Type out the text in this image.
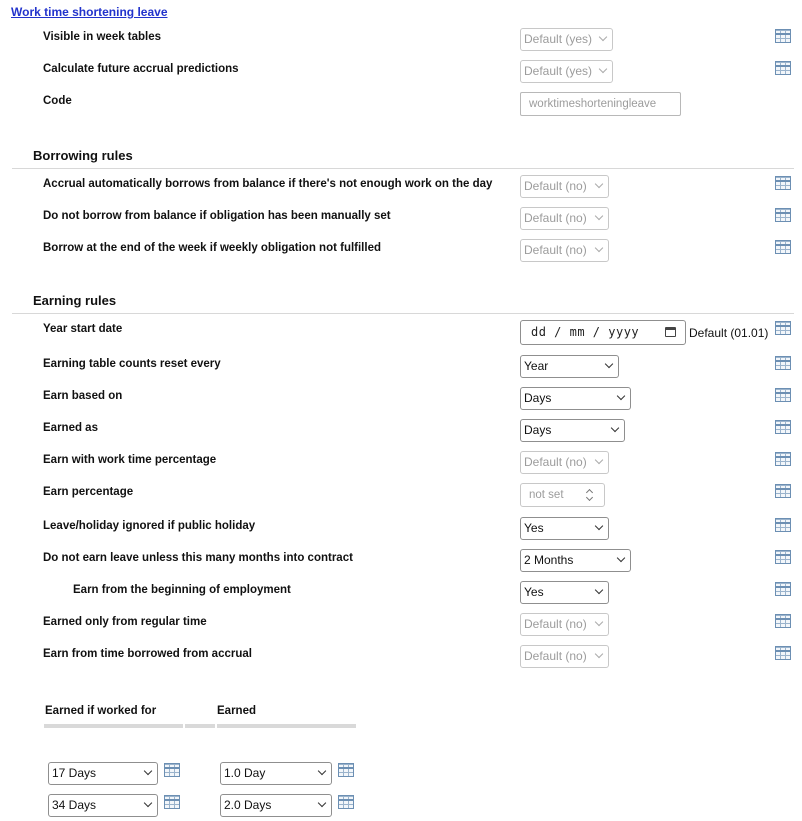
Work time shortening leave
Visible in week tables	Default (yes)
Calculate future accrual predictions	Default (yes)
Code	worktimeshorteningleave
Borrowing rules
Accrual automatically borrows from balance if there's not enough work on the day	Default (no)
Do not borrow from balance if obligation has been manually set	Default (no)
Borrow at the end of the week if weekly obligation not fulfilled	Default (no)
Earning rules
Year start date	dd / mm / yyyy	Default (01.01)
Earning table counts reset every	Year
Earn based on	Days
Earned as	Days
Earn with work time percentage	Default (no)
Earn percentage	not set
Leave/holiday ignored if public holiday	Yes
Do not earn leave unless this many months into contract	2 Months
Earn from the beginning of employment	Yes
Earned only from regular time	Default (no)
Earn from time borrowed from accrual	Default (no)
Earned if worked for	Earned
17 Days	1.0 Day
34 Days	2.0 Days
